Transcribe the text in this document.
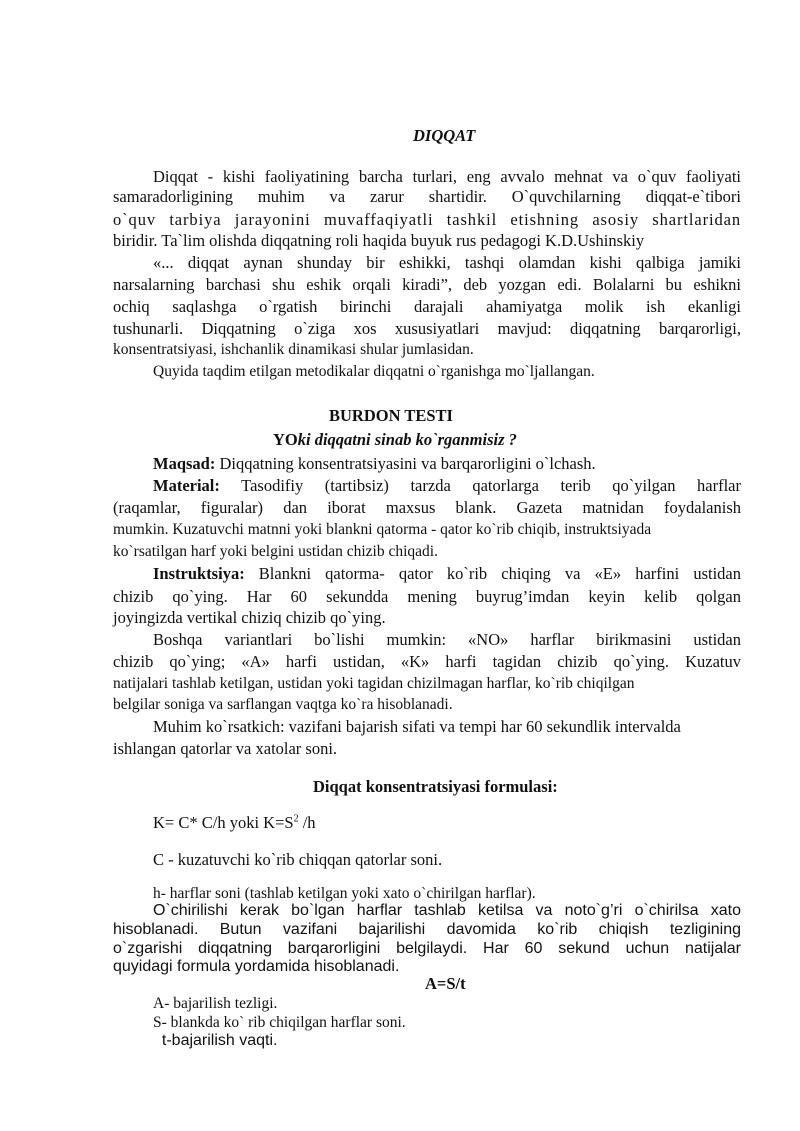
DIQQAT
Diqqat - kishi faoliyatining barcha turlari, eng avvalo mehnat va o`quv faoliyati
samaradorligining muhim va zarur shartidir. O`quvchilarning diqqat-e`tibori
o`quv tarbiya jarayonini muvaffaqiyatli tashkil etishning asosiy shartlaridan
biridir. Ta`lim olishda diqqatning roli haqida buyuk rus pedagogi K.D.Ushinskiy
«... diqqat aynan shunday bir eshikki, tashqi olamdan kishi qalbiga jamiki
narsalarning barchasi shu eshik orqali kiradi”, deb yozgan edi. Bolalarni bu eshikni
ochiq saqlashga o`rgatish birinchi darajali ahamiyatga molik ish ekanligi
tushunarli. Diqqatning o`ziga xos xususiyatlari mavjud: diqqatning barqarorligi,
konsentratsiyasi, ishchanlik dinamikasi shular jumlasidan.
Quyida taqdim etilgan metodikalar diqqatni o`rganishga mo`ljallangan.
BURDON TESTI
YOki diqqatni sinab ko`rganmisiz ?
Maqsad: Diqqatning konsentratsiyasini va barqarorligini o`lchash.
Material: Tasodifiy (tartibsiz) tarzda qatorlarga terib qo`yilgan harflar
(raqamlar, figuralar) dan iborat maxsus blank. Gazeta matnidan foydalanish
mumkin. Kuzatuvchi matnni yoki blankni qatorma - qator ko`rib chiqib, instruktsiyada
ko`rsatilgan harf yoki belgini ustidan chizib chiqadi.
Instruktsiya: Blankni qatorma- qator ko`rib chiqing va «E» harfini ustidan
chizib qo`ying. Har 60 sekundda mening buyrug’imdan keyin kelib qolgan
joyingizda vertikal chiziq chizib qo`ying.
Boshqa variantlari bo`lishi mumkin: «NO» harflar birikmasini ustidan
chizib qo`ying; «A» harfi ustidan, «K» harfi tagidan chizib qo`ying. Kuzatuv
natijalari tashlab ketilgan, ustidan yoki tagidan chizilmagan harflar, ko`rib chiqilgan
belgilar soniga va sarflangan vaqtga ko`ra hisoblanadi.
Muhim ko`rsatkich: vazifani bajarish sifati va tempi har 60 sekundlik intervalda
ishlangan qatorlar va xatolar soni.
Diqqat konsentratsiyasi formulasi:
K= C* C/h yoki $K=S^2$ /h
C - kuzatuvchi ko`rib chiqqan qatorlar soni.
h- harflar soni (tashlab ketilgan yoki xato o`chirilgan harflar).
O`chirilishi kerak bo`lgan harflar tashlab ketilsa va noto`g’ri o`chirilsa xato
hisoblanadi. Butun vazifani bajarilishi davomida ko`rib chiqish tezligining
o`zgarishi diqqatning barqarorligini belgilaydi. Har 60 sekund uchun natijalar
quyidagi formula yordamida hisoblanadi.
A=S/t
A- bajarilish tezligi.
S- blankda ko` rib chiqilgan harflar soni.
t-bajarilish vaqti.
